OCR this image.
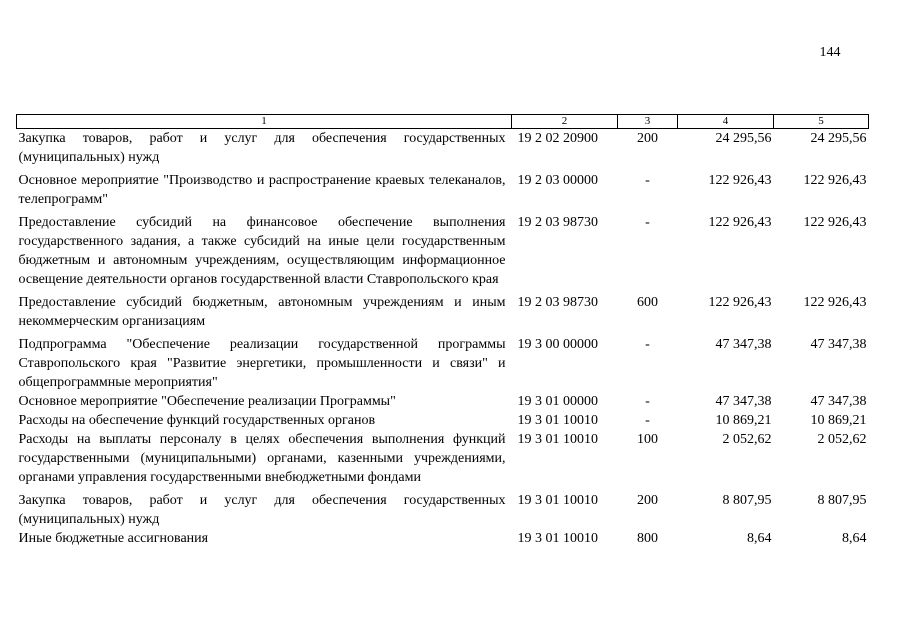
144
1	2	3	4	5
Закупка товаров, работ и услуг для обеспечения государственных (муниципальных) нужд	19 2 02 20900	200	24 295,56	24 295,56
Основное мероприятие "Производство и распространение краевых телеканалов, телепрограмм"	19 2 03 00000	-	122 926,43	122 926,43
Предоставление субсидий на финансовое обеспечение выполнения государственного задания, а также субсидий на иные цели государственным бюджетным и автономным учреждениям, осуществляющим информационное освещение деятельности органов государственной власти Ставропольского края	19 2 03 98730	-	122 926,43	122 926,43
Предоставление субсидий бюджетным, автономным учреждениям и иным некоммерческим организациям	19 2 03 98730	600	122 926,43	122 926,43
Подпрограмма "Обеспечение реализации государственной программы Ставропольского края "Развитие энергетики, промышленности и связи" и общепрограммные мероприятия"	19 3 00 00000	-	47 347,38	47 347,38
Основное мероприятие "Обеспечение реализации Программы"	19 3 01 00000	-	47 347,38	47 347,38
Расходы на обеспечение функций государственных органов	19 3 01 10010	-	10 869,21	10 869,21
Расходы на выплаты персоналу в целях обеспечения выполнения функций государственными (муниципальными) органами, казенными учреждениями, органами управления государственными внебюджетными фондами	19 3 01 10010	100	2 052,62	2 052,62
Закупка товаров, работ и услуг для обеспечения государственных (муниципальных) нужд	19 3 01 10010	200	8 807,95	8 807,95
Иные бюджетные ассигнования	19 3 01 10010	800	8,64	8,64
